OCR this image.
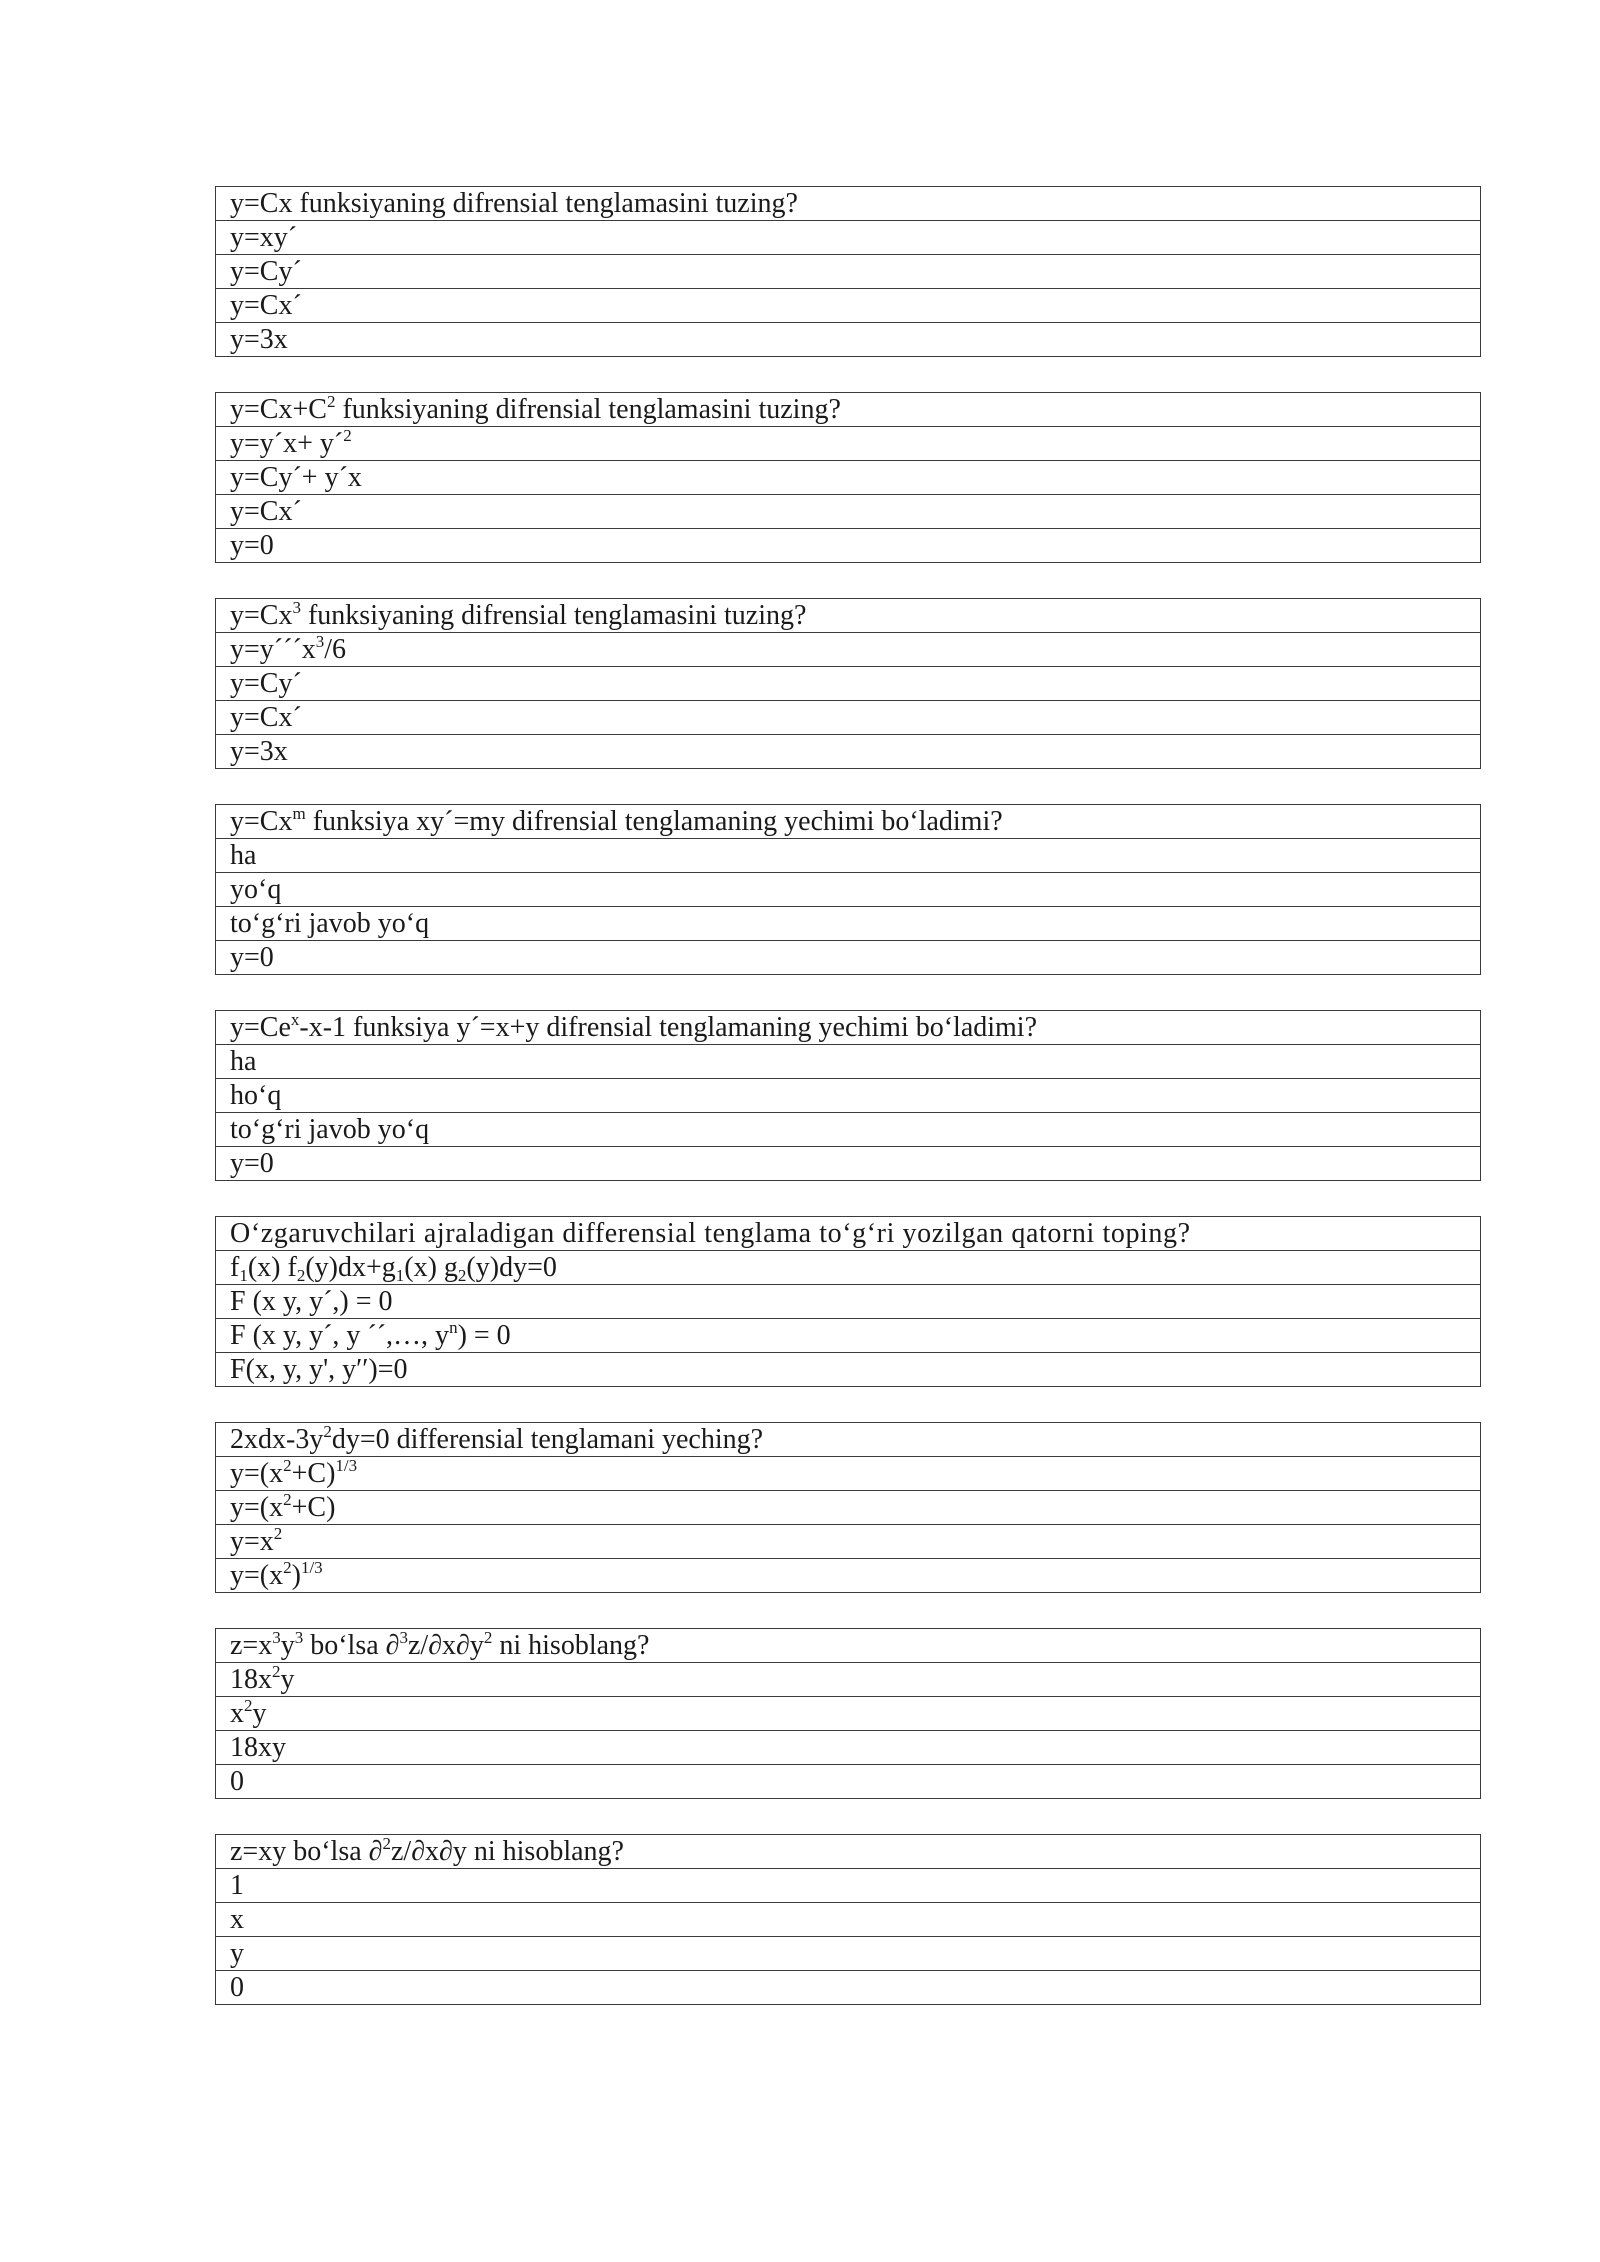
y=Cx funksiyaning difrensial tenglamasini tuzing?
y=xy´
y=Cy´
y=Cx´
y=3x
$y=Cx+C^2$ funksiyaning difrensial tenglamasini tuzing?
y=y´x+ y´$^2$
y=Cy´+ y´x
y=Cx´
y=0
$y=Cx^3$ funksiyaning difrensial tenglamasini tuzing?
$y=y´´´x^3/6$
y=Cy´
y=Cx´
y=3x
$y=Cx^m$ funksiya xy´=my difrensial tenglamaning yechimi bo‘ladimi?
ha
yo‘q
to‘g‘ri javob yo‘q
y=0
$y=Ce^x-x-1$ funksiya y´=x+y difrensial tenglamaning yechimi bo‘ladimi?
ha
ho‘q
to‘g‘ri javob yo‘q
y=0
O‘zgaruvchilari ajraladigan differensial tenglama to‘g‘ri yozilgan qatorni toping?
$f_1(x)$ $f_2(y)dx+g_1(x)$ $g_2(y)dy=0$
F (x y, y´,) = 0
F (x y, y´, y ´´,…, $y^n) = 0$
F(x, y, y', y′′)=0
$2xdx-3y^2dy=0$ differensial tenglamani yeching?
$y=(x^2+C)^{1/3}$
$y=(x^2+C)$
$y=x^2$
$y=(x^2)^{1/3}$
$z=x^3y^3$ bo‘lsa $\partial^3z/\partial x\partial y^2$ ni hisoblang?
$18x^2y$
$x^2y$
18xy
0
z=xy bo‘lsa ∂$^2$z/∂x∂y ni hisoblang?
1
x
y
0
